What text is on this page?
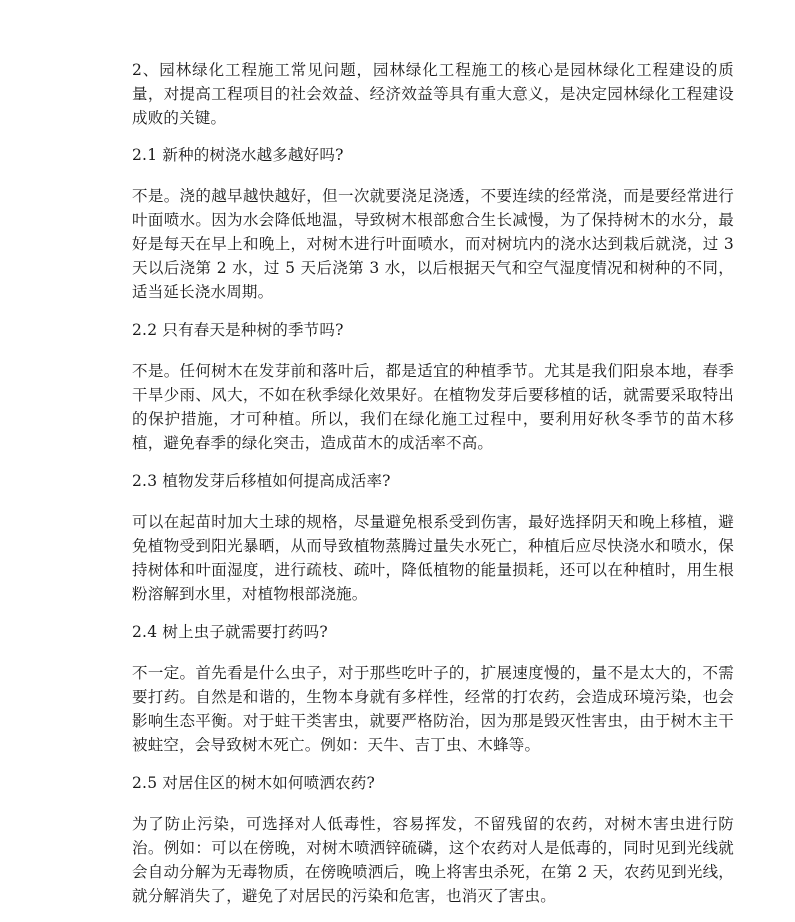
2、园林绿化工程施工常见问题，园林绿化工程施工的核心是园林绿化工程建设的质量，对提高工程项目的社会效益、经济效益等具有重大意义，是决定园林绿化工程建设成败的关键。

2.1 新种的树浇水越多越好吗?

不是。浇的越早越快越好，但一次就要浇足浇透，不要连续的经常浇，而是要经常进行叶面喷水。因为水会降低地温，导致树木根部愈合生长减慢，为了保持树木的水分，最好是每天在早上和晚上，对树木进行叶面喷水，而对树坑内的浇水达到栽后就浇，过 3 天以后浇第 2 水，过 5 天后浇第 3 水，以后根据天气和空气湿度情况和树种的不同，适当延长浇水周期。

2.2 只有春天是种树的季节吗?

不是。任何树木在发芽前和落叶后，都是适宜的种植季节。尤其是我们阳泉本地，春季干旱少雨、风大，不如在秋季绿化效果好。在植物发芽后要移植的话，就需要采取特出的保护措施，才可种植。所以，我们在绿化施工过程中，要利用好秋冬季节的苗木移植，避免春季的绿化突击，造成苗木的成活率不高。

2.3 植物发芽后移植如何提高成活率?

可以在起苗时加大土球的规格，尽量避免根系受到伤害，最好选择阴天和晚上移植，避免植物受到阳光暴晒，从而导致植物蒸腾过量失水死亡，种植后应尽快浇水和喷水，保持树体和叶面湿度，进行疏枝、疏叶，降低植物的能量损耗，还可以在种植时，用生根粉溶解到水里，对植物根部浇施。

2.4 树上虫子就需要打药吗?

不一定。首先看是什么虫子，对于那些吃叶子的，扩展速度慢的，量不是太大的，不需要打药。自然是和谐的，生物本身就有多样性，经常的打农药，会造成环境污染，也会影响生态平衡。对于蛀干类害虫，就要严格防治，因为那是毁灭性害虫，由于树木主干被蛀空，会导致树木死亡。例如：天牛、吉丁虫、木蜂等。

2.5 对居住区的树木如何喷洒农药?

为了防止污染，可选择对人低毒性，容易挥发，不留残留的农药，对树木害虫进行防治。例如：可以在傍晚，对树木喷洒锌硫磷，这个农药对人是低毒的，同时见到光线就会自动分解为无毒物质，在傍晚喷洒后，晚上将害虫杀死，在第 2 天，农药见到光线，就分解消失了，避免了对居民的污染和危害，也消灭了害虫。
